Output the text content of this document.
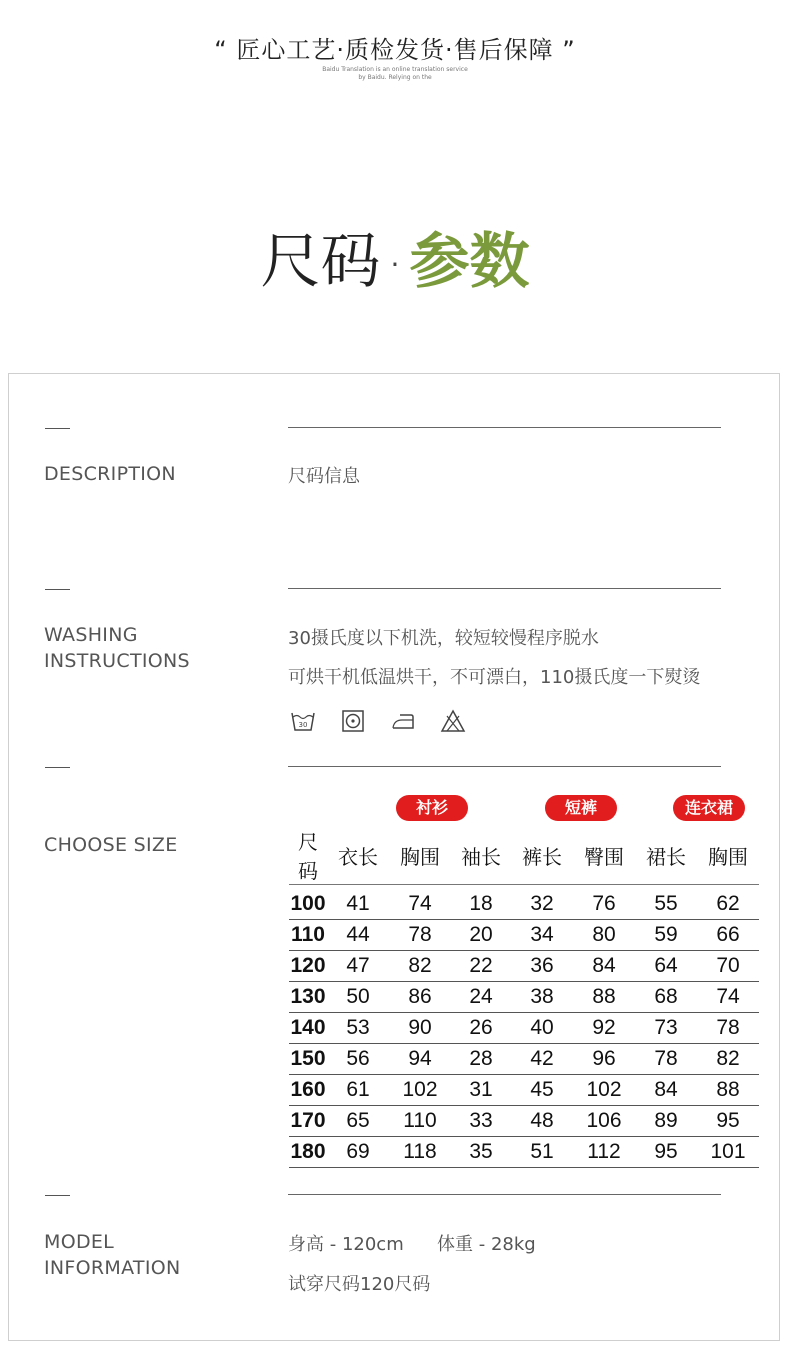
“ 匠心工艺·质检发货·售后保障 ”
Baidu Translation is an online translation service
by Baidu. Relying on the
尺码 · 参数
DESCRIPTION	尺码信息
WASHING
INSTRUCTIONS
30摄氏度以下机洗，较短较慢程序脱水
可烘干机低温烘干，不可漂白，110摄氏度一下熨烫
30

CHOOSE SIZE
衬衫	短裤	连衣裙
尺码	衣长	胸围	袖长	裤长	臀围	裙长	胸围
100	41	74	18	32	76	55	62
110	44	78	20	34	80	59	66
120	47	82	22	36	84	64	70
130	50	86	24	38	88	68	74
140	53	90	26	40	92	73	78
150	56	94	28	42	96	78	82
160	61	102	31	45	102	84	88
170	65	110	33	48	106	89	95
180	69	118	35	51	112	95	101
MODEL
INFORMATION
身高 - 120cm 体重 - 28kg
试穿尺码120尺码
